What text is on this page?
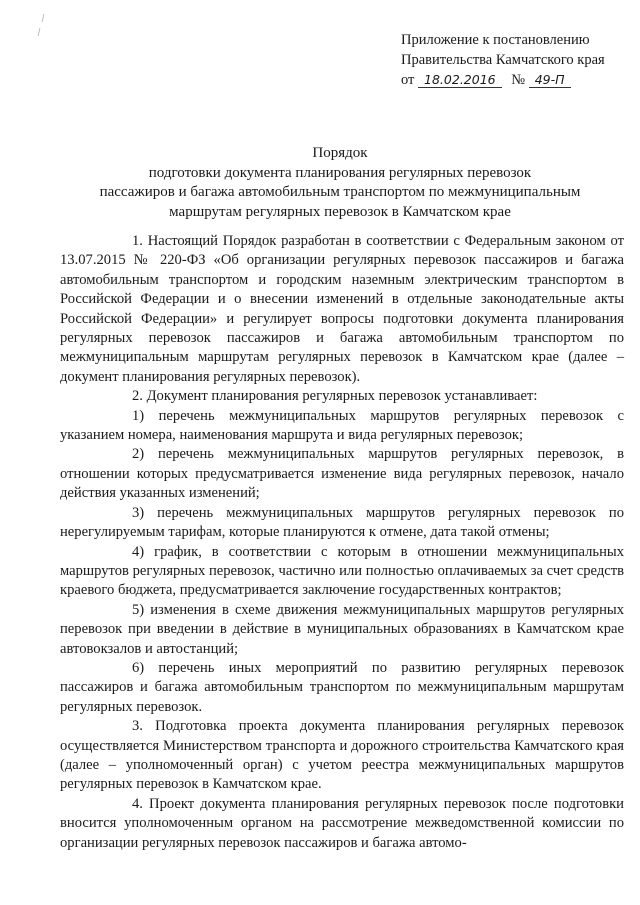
Приложение к постановлению
Правительства Камчатского края
от 18.02.2016 № 49-П
Порядок
подготовки документа планирования регулярных перевозок
пассажиров и багажа автомобильным транспортом по межмуниципальным
маршрутам регулярных перевозок в Камчатском крае

1. Настоящий Порядок разработан в соответствии с Федеральным законом от 13.07.2015 № 220-ФЗ «Об организации регулярных перевозок пассажиров и багажа автомобильным транспортом и городским наземным электрическим транспортом в Российской Федерации и о внесении изменений в отдельные законодательные акты Российской Федерации» и регулирует вопросы подготовки документа планирования регулярных перевозок пассажиров и багажа автомобильным транспортом по межмуниципальным маршрутам регулярных перевозок в Камчатском крае (далее – документ планирования регулярных перевозок).

2. Документ планирования регулярных перевозок устанавливает:

1) перечень межмуниципальных маршрутов регулярных перевозок с указанием номера, наименования маршрута и вида регулярных перевозок;

2) перечень межмуниципальных маршрутов регулярных перевозок, в отношении которых предусматривается изменение вида регулярных перевозок, начало действия указанных изменений;

3) перечень межмуниципальных маршрутов регулярных перевозок по нерегулируемым тарифам, которые планируются к отмене, дата такой отмены;

4) график, в соответствии с которым в отношении межмуниципальных маршрутов регулярных перевозок, частично или полностью оплачиваемых за счет средств краевого бюджета, предусматривается заключение государственных контрактов;

5) изменения в схеме движения межмуниципальных маршрутов регулярных перевозок при введении в действие в муниципальных образованиях в Камчатском крае автовокзалов и автостанций;

6) перечень иных мероприятий по развитию регулярных перевозок пассажиров и багажа автомобильным транспортом по межмуниципальным маршрутам регулярных перевозок.

3. Подготовка проекта документа планирования регулярных перевозок осуществляется Министерством транспорта и дорожного строительства Камчатского края (далее – уполномоченный орган) с учетом реестра межмуниципальных маршрутов регулярных перевозок в Камчатском крае.

4. Проект документа планирования регулярных перевозок после подготовки вносится уполномоченным органом на рассмотрение межведомственной комиссии по организации регулярных перевозок пассажиров и багажа автомо-
